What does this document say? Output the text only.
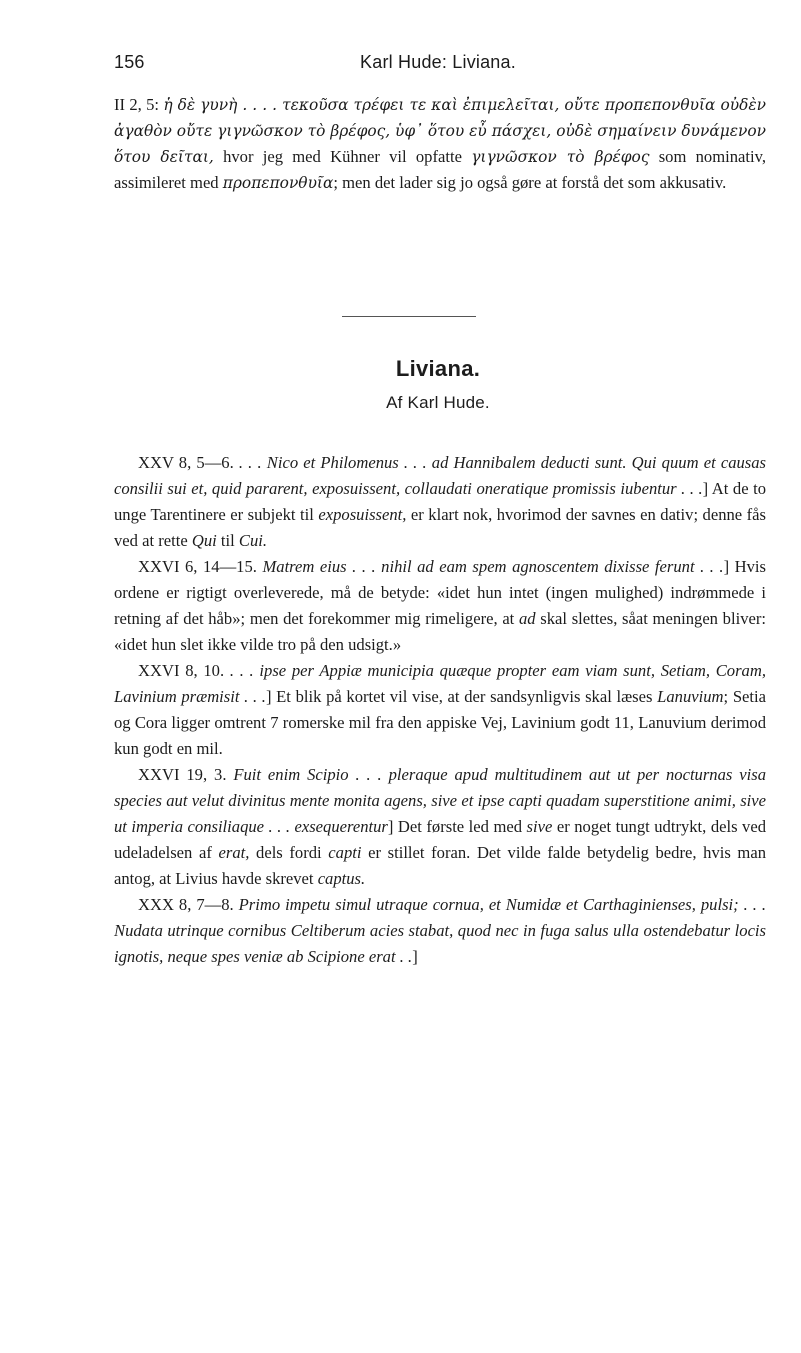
156	Karl Hude: Liviana.

II 2, 5: ἡ δὲ γυνὴ . . . . τεκοῦσα τρέφει τε καὶ ἐπιμελεῖται, οὔτε προπεπονθυῖα οὐδὲν ἀγαθὸν οὔτε γιγνῶσκον τὸ βρέφος, ὑφ᾽ ὅτου εὖ πάσχει, οὐδὲ σημαίνειν δυνάμενον ὅτου δεῖται, hvor jeg med Kühner vil opfatte γιγνῶσκον τὸ βρέφος som nominativ, assimileret med προπεπονθυῖα; men det lader sig jo også gøre at forstå det som akkusativ.

Liviana.
Af Karl Hude.

XXV 8, 5—6. . . . Nico et Philomenus . . . ad Hannibalem deducti sunt. Qui quum et causas consilii sui et, quid pararent, exposuissent, collaudati oneratique promissis iubentur . . .] At de to unge Tarentinere er subjekt til exposuissent, er klart nok, hvorimod der savnes en dativ; denne fås ved at rette Qui til Cui.

XXVI 6, 14—15. Matrem eius . . . nihil ad eam spem agnoscentem dixisse ferunt . . .] Hvis ordene er rigtigt overleverede, må de betyde: «idet hun intet (ingen mulighed) indrømmede i retning af det håb»; men det forekommer mig rimeligere, at ad skal slettes, såat meningen bliver: «idet hun slet ikke vilde tro på den udsigt.»

XXVI 8, 10. . . . ipse per Appiæ municipia quæque propter eam viam sunt, Setiam, Coram, Lavinium præmisit . . .] Et blik på kortet vil vise, at der sandsynligvis skal læses Lanuvium; Setia og Cora ligger omtrent 7 romerske mil fra den appiske Vej, Lavinium godt 11, Lanuvium derimod kun godt en mil.

XXVI 19, 3. Fuit enim Scipio . . . pleraque apud multitudinem aut ut per nocturnas visa species aut velut divinitus mente monita agens, sive et ipse capti quadam superstitione animi, sive ut imperia consiliaque . . . exsequerentur] Det første led med sive er noget tungt udtrykt, dels ved udeladelsen af erat, dels fordi capti er stillet foran. Det vilde falde betydelig bedre, hvis man antog, at Livius havde skrevet captus.

XXX 8, 7—8. Primo impetu simul utraque cornua, et Numidæ et Carthaginienses, pulsi; . . . Nudata utrinque cornibus Celtiberum acies stabat, quod nec in fuga salus ulla ostendebatur locis ignotis, neque spes veniæ ab Scipione erat . .]
